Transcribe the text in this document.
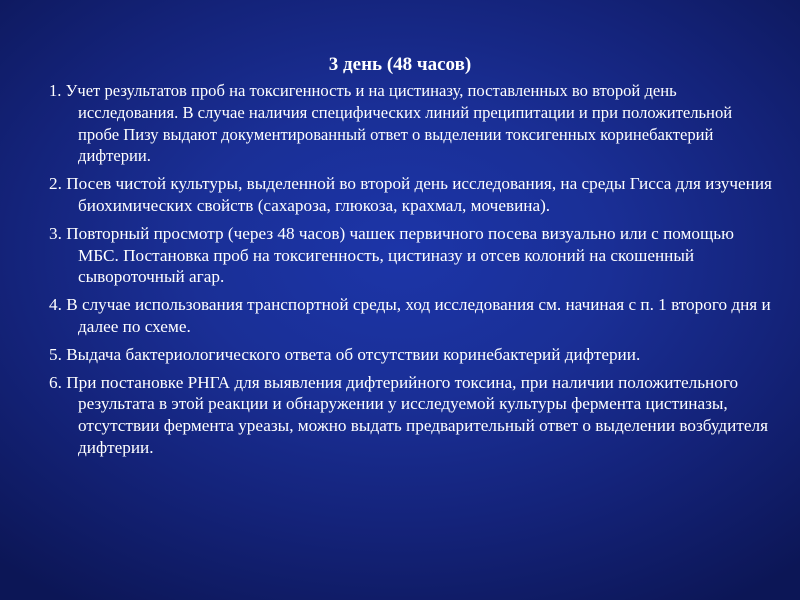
3 день (48 часов)
1. Учет результатов проб на токсигенность и на цистиназу, поставленных во второй день исследования. В случае наличия специфических линий преципитации и при положительной пробе Пизу выдают документированный ответ о выделении токсигенных коринебактерий дифтерии.
2. Посев чистой культуры, выделенной во второй день исследования, на среды Гисса для изучения биохимических свойств (сахароза, глюкоза, крахмал, мочевина).
3. Повторный просмотр (через 48 часов) чашек первичного посева визуально или с помощью МБС. Постановка проб на токсигенность, цистиназу и отсев колоний на скошенный сывороточный агар.
4. В случае использования транспортной среды, ход исследования см. начиная с п. 1 второго дня и далее по схеме.
5. Выдача бактериологического ответа об отсутствии коринебактерий дифтерии.
6. При постановке РНГА для выявления дифтерийного токсина, при наличии положительного результата в этой реакции и обнаружении у исследуемой культуры фермента цистиназы, отсутствии фермента уреазы, можно выдать предварительный ответ о выделении возбудителя дифтерии.
